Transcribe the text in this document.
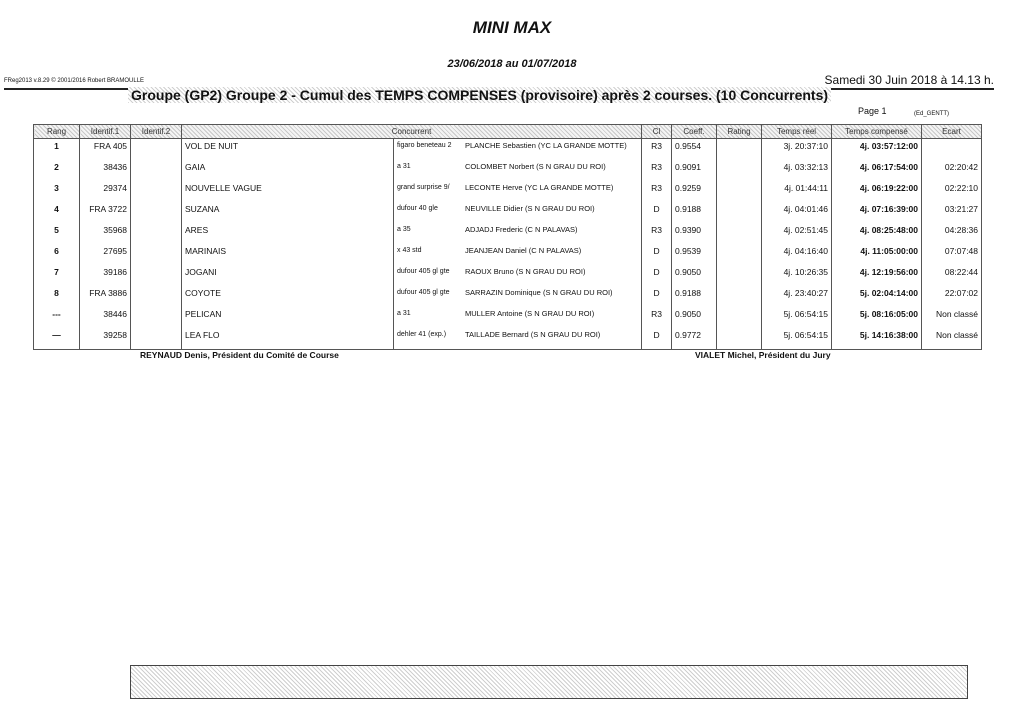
MINI MAX
23/06/2018 au 01/07/2018
FReg2013 v.8.29 © 2001/2016 Robert BRAMOULLE	Samedi 30 Juin 2018 à 14.13 h.
Groupe (GP2) Groupe 2 - Cumul des TEMPS COMPENSES (provisoire) après 2 courses. (10 Concurrents)
Page 1	(Ed_GENTT)
Rang	Identif.1	Identif.2	Concurrent		Cl	Coeff.	Rating	Temps réel	Temps compensé	Ecart
1	FRA 405		VOL DE NUIT	figaro beneteau 2 PLANCHE Sebastien (YC LA GRANDE MOTTE)	R3	0.9554		3j. 20:37:10	4j. 03:57:12:00	
2	38436		GAIA	a 31 COLOMBET Norbert (S N GRAU DU ROI)	R3	0.9091		4j. 03:32:13	4j. 06:17:54:00	02:20:42
3	29374		NOUVELLE VAGUE	grand surprise 9/ LECONTE Herve (YC LA GRANDE MOTTE)	R3	0.9259		4j. 01:44:11	4j. 06:19:22:00	02:22:10
4	FRA 3722		SUZANA	dufour 40 gle NEUVILLE Didier (S N GRAU DU ROI)	D	0.9188		4j. 04:01:46	4j. 07:16:39:00	03:21:27
5	35968		ARES	a 35 ADJADJ Frederic (C N PALAVAS)	R3	0.9390		4j. 02:51:45	4j. 08:25:48:00	04:28:36
6	27695		MARINAIS	x 43 std JEANJEAN Daniel (C N PALAVAS)	D	0.9539		4j. 04:16:40	4j. 11:05:00:00	07:07:48
7	39186		JOGANI	dufour 405 gl gte RAOUX Bruno (S N GRAU DU ROI)	D	0.9050		4j. 10:26:35	4j. 12:19:56:00	08:22:44
8	FRA 3886		COYOTE	dufour 405 gl gte SARRAZIN Dominique (S N GRAU DU ROI)	D	0.9188		4j. 23:40:27	5j. 02:04:14:00	22:07:02
---	38446		PELICAN	a 31 MULLER Antoine (S N GRAU DU ROI)	R3	0.9050		5j. 06:54:15	5j. 08:16:05:00	Non classé
—	39258		LEA FLO	dehler 41 (exp.) TAILLADE Bernard (S N GRAU DU ROI)	D	0.9772		5j. 06:54:15	5j. 14:16:38:00	Non classé
REYNAUD Denis, Président du Comité de Course	VIALET Michel, Président du Jury
